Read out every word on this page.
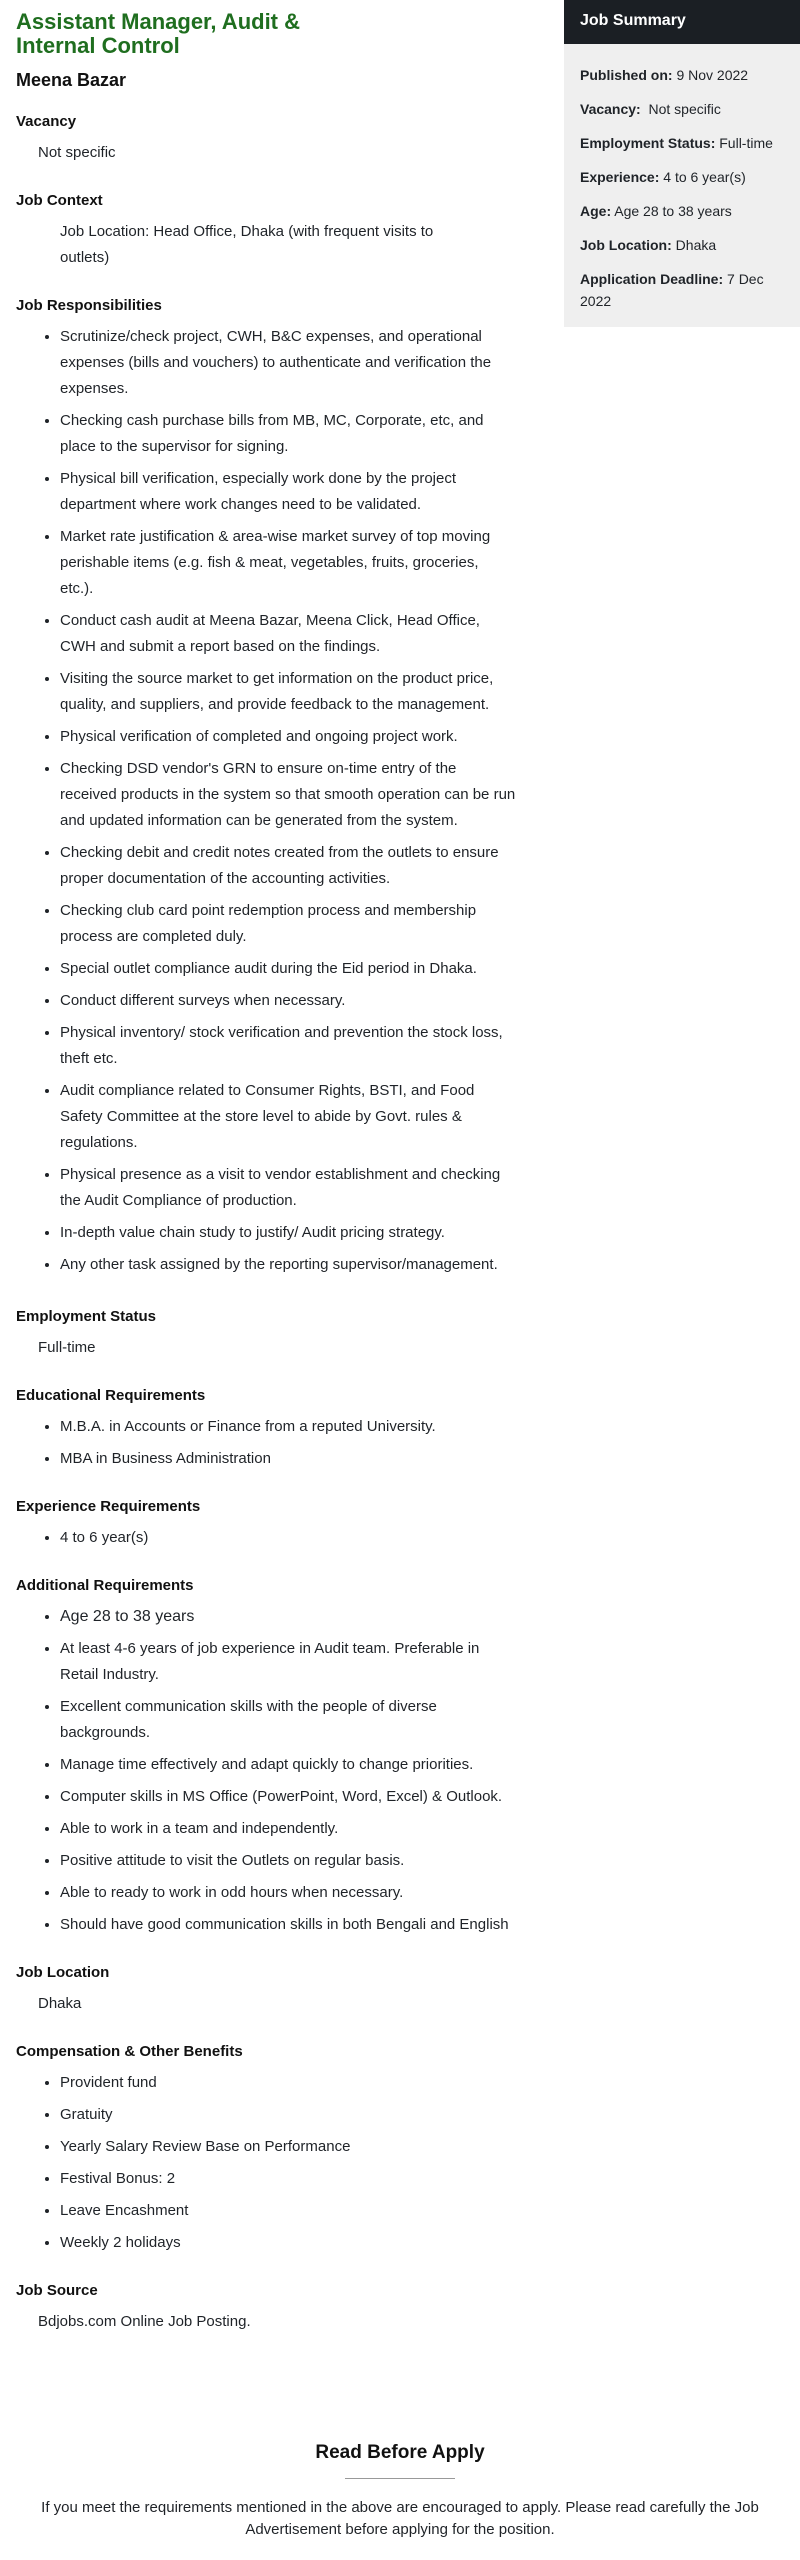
Assistant Manager, Audit & Internal Control
Meena Bazar
Vacancy
Not specific
Job Context
Job Location: Head Office, Dhaka (with frequent visits to outlets)
Job Responsibilities
• Scrutinize/check project, CWH, B&C expenses, and operational expenses (bills and vouchers) to authenticate and verification the expenses.
• Checking cash purchase bills from MB, MC, Corporate, etc, and place to the supervisor for signing.
• Physical bill verification, especially work done by the project department where work changes need to be validated.
• Market rate justification & area-wise market survey of top moving perishable items (e.g. fish & meat, vegetables, fruits, groceries, etc.).
• Conduct cash audit at Meena Bazar, Meena Click, Head Office, CWH and submit a report based on the findings.
• Visiting the source market to get information on the product price, quality, and suppliers, and provide feedback to the management.
• Physical verification of completed and ongoing project work.
• Checking DSD vendor's GRN to ensure on-time entry of the received products in the system so that smooth operation can be run and updated information can be generated from the system.
• Checking debit and credit notes created from the outlets to ensure proper documentation of the accounting activities.
• Checking club card point redemption process and membership process are completed duly.
• Special outlet compliance audit during the Eid period in Dhaka.
• Conduct different surveys when necessary.
• Physical inventory/ stock verification and prevention the stock loss, theft etc.
• Audit compliance related to Consumer Rights, BSTI, and Food Safety Committee at the store level to abide by Govt. rules & regulations.
• Physical presence as a visit to vendor establishment and checking the Audit Compliance of production.
• In-depth value chain study to justify/ Audit pricing strategy.
• Any other task assigned by the reporting supervisor/management.
Employment Status
Full-time
Educational Requirements
• M.B.A. in Accounts or Finance from a reputed University.
• MBA in Business Administration
Experience Requirements
• 4 to 6 year(s)
Additional Requirements
• Age 28 to 38 years
• At least 4-6 years of job experience in Audit team. Preferable in Retail Industry.
• Excellent communication skills with the people of diverse backgrounds.
• Manage time effectively and adapt quickly to change priorities.
• Computer skills in MS Office (PowerPoint, Word, Excel) & Outlook.
• Able to work in a team and independently.
• Positive attitude to visit the Outlets on regular basis.
• Able to ready to work in odd hours when necessary.
• Should have good communication skills in both Bengali and English
Job Location
Dhaka
Compensation & Other Benefits
• Provident fund
• Gratuity
• Yearly Salary Review Base on Performance
• Festival Bonus: 2
• Leave Encashment
• Weekly 2 holidays
Job Source
Bdjobs.com Online Job Posting.
Job Summary
Published on: 9 Nov 2022
Vacancy: Not specific
Employment Status: Full-time
Experience: 4 to 6 year(s)
Age: Age 28 to 38 years
Job Location: Dhaka
Application Deadline: 7 Dec 2022
Read Before Apply
If you meet the requirements mentioned in the above are encouraged to apply. Please read carefully the Job Advertisement before applying for the position.
